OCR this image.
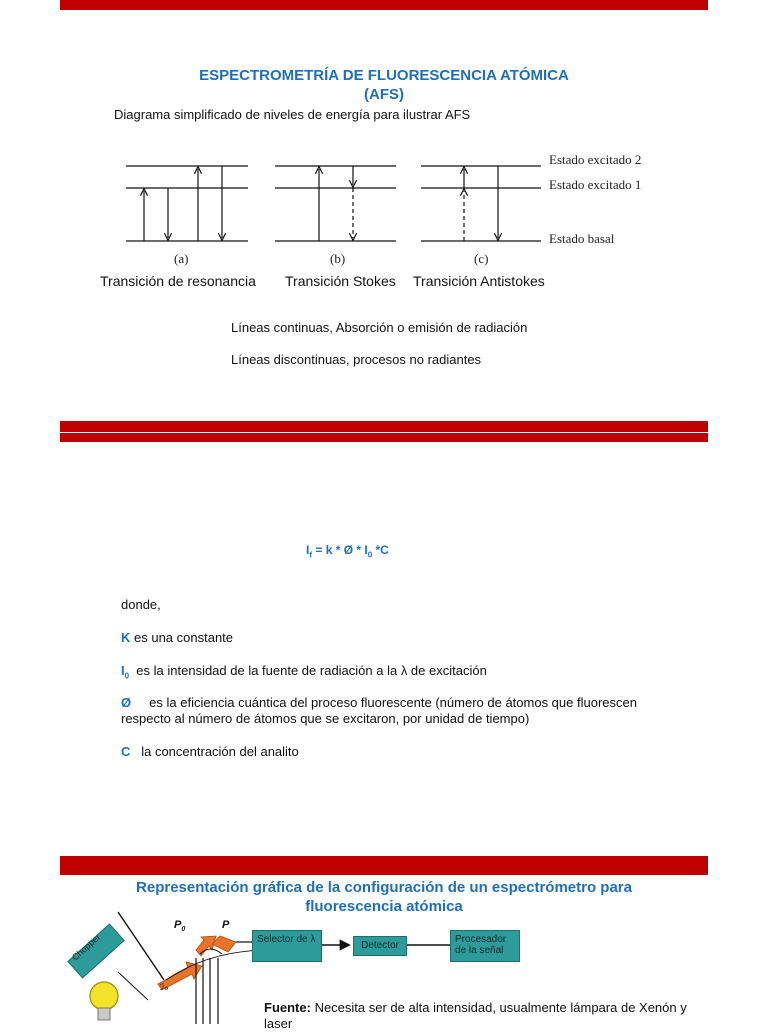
ESPECTROMETRÍA DE FLUORESCENCIA ATÓMICA
(AFS)
Diagrama simplificado de niveles de energía para ilustrar AFS
Estado excitado 2
Estado excitado 1
Estado basal
(a)	(b)	(c)
Transición de resonancia Transición Stokes Transición Antistokes
Líneas continuas, Absorción o emisión de radiación
Líneas discontinuas, procesos no radiantes
$I_f = k$ * Ø * $I_0$ *C
donde,
K es una constante
$I_0$  es la intensidad de la fuente de radiación a la λ de excitación
Ø     es la eficiencia cuántica del proceso fluorescente (número de átomos que fluorescen respecto al número de átomos que se excitaron, por unidad de tiempo)
C   la concentración del analito
Representación gráfica de la configuración de un espectrómetro para
fluorescencia atómica
Chopper
ℐℴ
$P_0$	P
Selector de λ
Detector
Procesador de la señal
Fuente: Necesita ser de alta intensidad, usualmente lámpara de Xenón y laser
